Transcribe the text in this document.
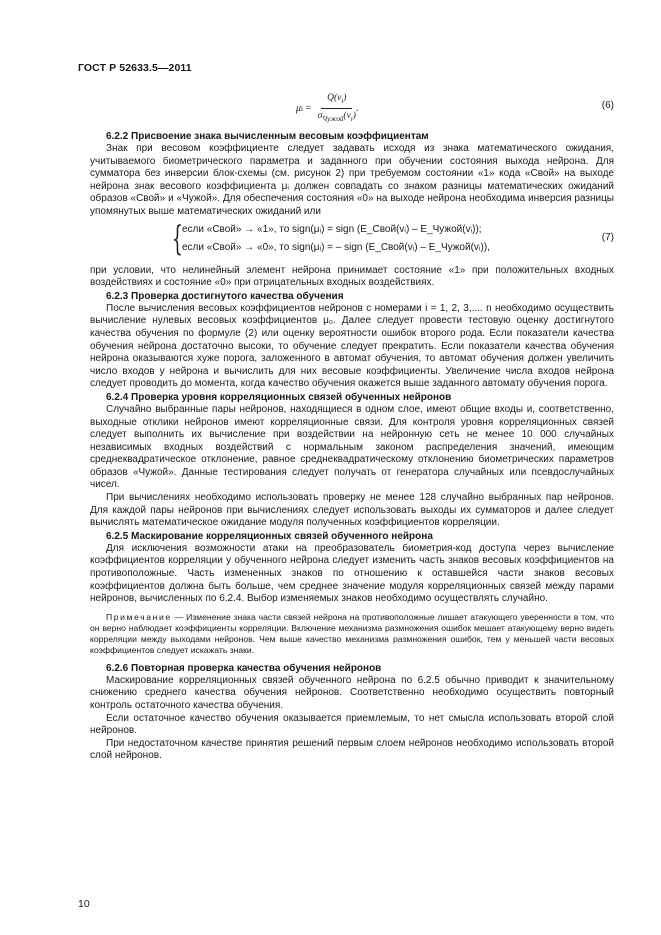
ГОСТ Р 52633.5—2011
μ $i = \frac{Q(v_i)}{\sigma_{Чужой}(v_i)}$ .	(6)
6.2.2 Присвоение знака вычисленным весовым коэффициентам

Знак при весовом коэффициенте следует задавать исходя из знака математического ожидания, учитываемого биометрического параметра и заданного при обучении состояния выхода нейрона. Для сумматора без инверсии блок-схемы (см. рисунок 2) при требуемом состоянии «1» кода «Свой» на выходе нейрона знак весового коэффициента μᵢ должен совпадать со знаком разницы математических ожиданий образов «Свой» и «Чужой». Для обеспечения состояния «0» на выходе нейрона необходима инверсия разницы упомянутых выше математических ожиданий или

{ если «Свой» → «1», то sign(μᵢ) = sign (E_Свой(vᵢ) – E_Чужой(vᵢ));
если «Свой» → «0», то sign(μᵢ) = – sign (E_Свой(vᵢ) – E_Чужой(vᵢ)),
(7)

при условии, что нелинейный элемент нейрона принимает состояние «1» при положительных входных воздействиях и состояние «0» при отрицательных входных воздействиях.

6.2.3 Проверка достигнутого качества обучения

После вычисления весовых коэффициентов нейронов с номерами i = 1, 2, 3,.... n необходимо осуществить вычисление нулевых весовых коэффициентов μ₀. Далее следует провести тестовую оценку достигнутого качества обучения по формуле (2) или оценку вероятности ошибок второго рода. Если показатели качества обучения нейрона достаточно высоки, то обучение следует прекратить. Если показатели качества обучения нейрона оказываются хуже порога, заложенного в автомат обучения, то автомат обучения должен увеличить число входов у нейрона и вычислить для них весовые коэффициенты. Увеличение числа входов нейрона следует проводить до момента, когда качество обучения окажется выше заданного автомату обучения порога.

6.2.4 Проверка уровня корреляционных связей обученных нейронов

Случайно выбранные пары нейронов, находящиеся в одном слое, имеют общие входы и, соответственно, выходные отклики нейронов имеют корреляционные связи. Для контроля уровня корреляционных связей следует выполнить их вычисление при воздействии на нейронную сеть не менее 10 000 случайных независимых входных воздействий с нормальным законом распределения значений, имеющим среднеквадратическое отклонение, равное среднеквадратическому отклонению биометрических параметров образов «Чужой». Данные тестирования следует получать от генератора случайных или псевдослучайных чисел.

При вычислениях необходимо использовать проверку не менее 128 случайно выбранных пар нейронов. Для каждой пары нейронов при вычислениях следует использовать выходы их сумматоров и далее следует вычислять математическое ожидание модуля полученных коэффициентов корреляции.

6.2.5 Маскирование корреляционных связей обученного нейрона

Для исключения возможности атаки на преобразователь биометрия-код доступа через вычисление коэффициентов корреляции у обученного нейрона следует изменить часть знаков весовых коэффициентов на противоположные. Часть измененных знаков по отношению к оставшейся части знаков весовых коэффициентов должна быть больше, чем среднее значение модуля корреляционных связей между парами нейронов, вычисленных по 6.2.4. Выбор изменяемых знаков необходимо осуществлять случайно.

Примечание — Изменение знака части связей нейрона на противоположные лишает атакующего уверенности в том, что он верно наблюдает коэффициенты корреляции. Включение механизма размножения ошибок мешает атакующему верно видеть корреляции между выходами нейронов. Чем выше качество механизма размножения ошибок, тем у меньшей части весовых коэффициентов следует искажать знаки.

6.2.6 Повторная проверка качества обучения нейронов

Маскирование корреляционных связей обученного нейрона по 6.2.5 обычно приводит к значительному снижению среднего качества обучения нейронов. Соответственно необходимо осуществить повторный контроль остаточного качества обучения.

Если остаточное качество обучения оказывается приемлемым, то нет смысла использовать второй слой нейронов.

При недостаточном качестве принятия решений первым слоем нейронов необходимо использовать второй слой нейронов.

10
